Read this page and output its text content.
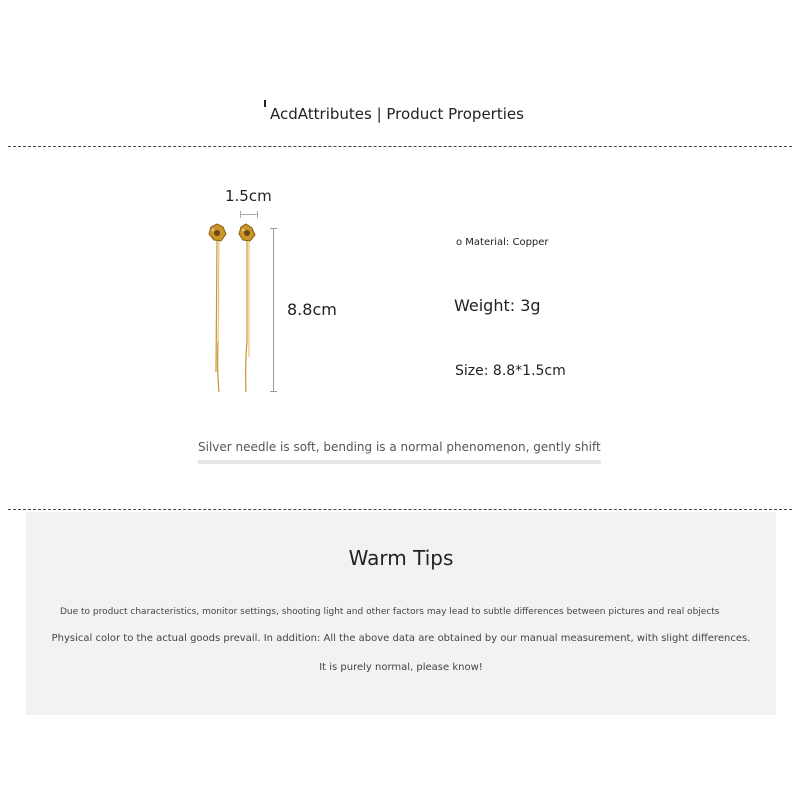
AcdAttributes | Product Properties
1.5cm
8.8cm
o Material: Copper
Weight: 3g
Size: 8.8*1.5cm
Silver needle is soft, bending is a normal phenomenon, gently shift
Warm Tips
Due to product characteristics, monitor settings, shooting light and other factors may lead to subtle differences between pictures and real objects
Physical color to the actual goods prevail. In addition: All the above data are obtained by our manual measurement, with slight differences.
It is purely normal, please know!
